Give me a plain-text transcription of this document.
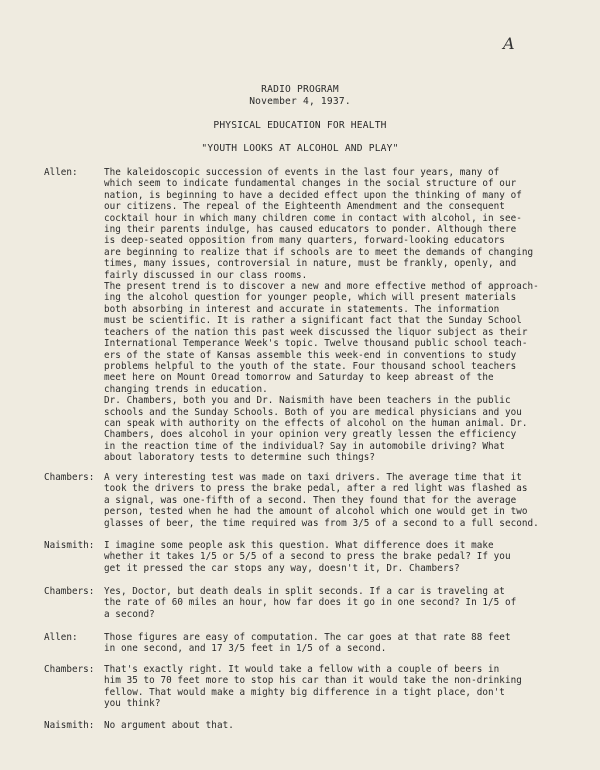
A
RADIO PROGRAM
November 4, 1937.
PHYSICAL EDUCATION FOR HEALTH
"YOUTH LOOKS AT ALCOHOL AND PLAY"
Allen:	The kaleidoscopic succession of events in the last four years, many of
which seem to indicate fundamental changes in the social structure of our
nation, is beginning to have a decided effect upon the thinking of many of
our citizens. The repeal of the Eighteenth Amendment and the consequent
cocktail hour in which many children come in contact with alcohol, in see-
ing their parents indulge, has caused educators to ponder. Although there
is deep-seated opposition from many quarters, forward-looking educators
are beginning to realize that if schools are to meet the demands of changing
times, many issues, controversial in nature, must be frankly, openly, and
fairly discussed in our class rooms.
The present trend is to discover a new and more effective method of approach-
ing the alcohol question for younger people, which will present materials
both absorbing in interest and accurate in statements. The information
must be scientific. It is rather a significant fact that the Sunday School
teachers of the nation this past week discussed the liquor subject as their
International Temperance Week's topic. Twelve thousand public school teach-
ers of the state of Kansas assemble this week-end in conventions to study
problems helpful to the youth of the state. Four thousand school teachers
meet here on Mount Oread tomorrow and Saturday to keep abreast of the
changing trends in education.
Dr. Chambers, both you and Dr. Naismith have been teachers in the public
schools and the Sunday Schools. Both of you are medical physicians and you
can speak with authority on the effects of alcohol on the human animal. Dr.
Chambers, does alcohol in your opinion very greatly lessen the efficiency
in the reaction time of the individual? Say in automobile driving? What
about laboratory tests to determine such things?
Chambers: A very interesting test was made on taxi drivers. The average time that it
took the drivers to press the brake pedal, after a red light was flashed as
a signal, was one-fifth of a second. Then they found that for the average
person, tested when he had the amount of alcohol which one would get in two
glasses of beer, the time required was from 3/5 of a second to a full second.
Naismith: I imagine some people ask this question. What difference does it make
whether it takes 1/5 or 5/5 of a second to press the brake pedal? If you
get it pressed the car stops any way, doesn't it, Dr. Chambers?
Chambers: Yes, Doctor, but death deals in split seconds. If a car is traveling at
the rate of 60 miles an hour, how far does it go in one second? In 1/5 of
a second?
Allen:	Those figures are easy of computation. The car goes at that rate 88 feet
in one second, and 17 3/5 feet in 1/5 of a second.
Chambers: That's exactly right. It would take a fellow with a couple of beers in
him 35 to 70 feet more to stop his car than it would take the non-drinking
fellow. That would make a mighty big difference in a tight place, don't
you think?
Naismith: No argument about that.
